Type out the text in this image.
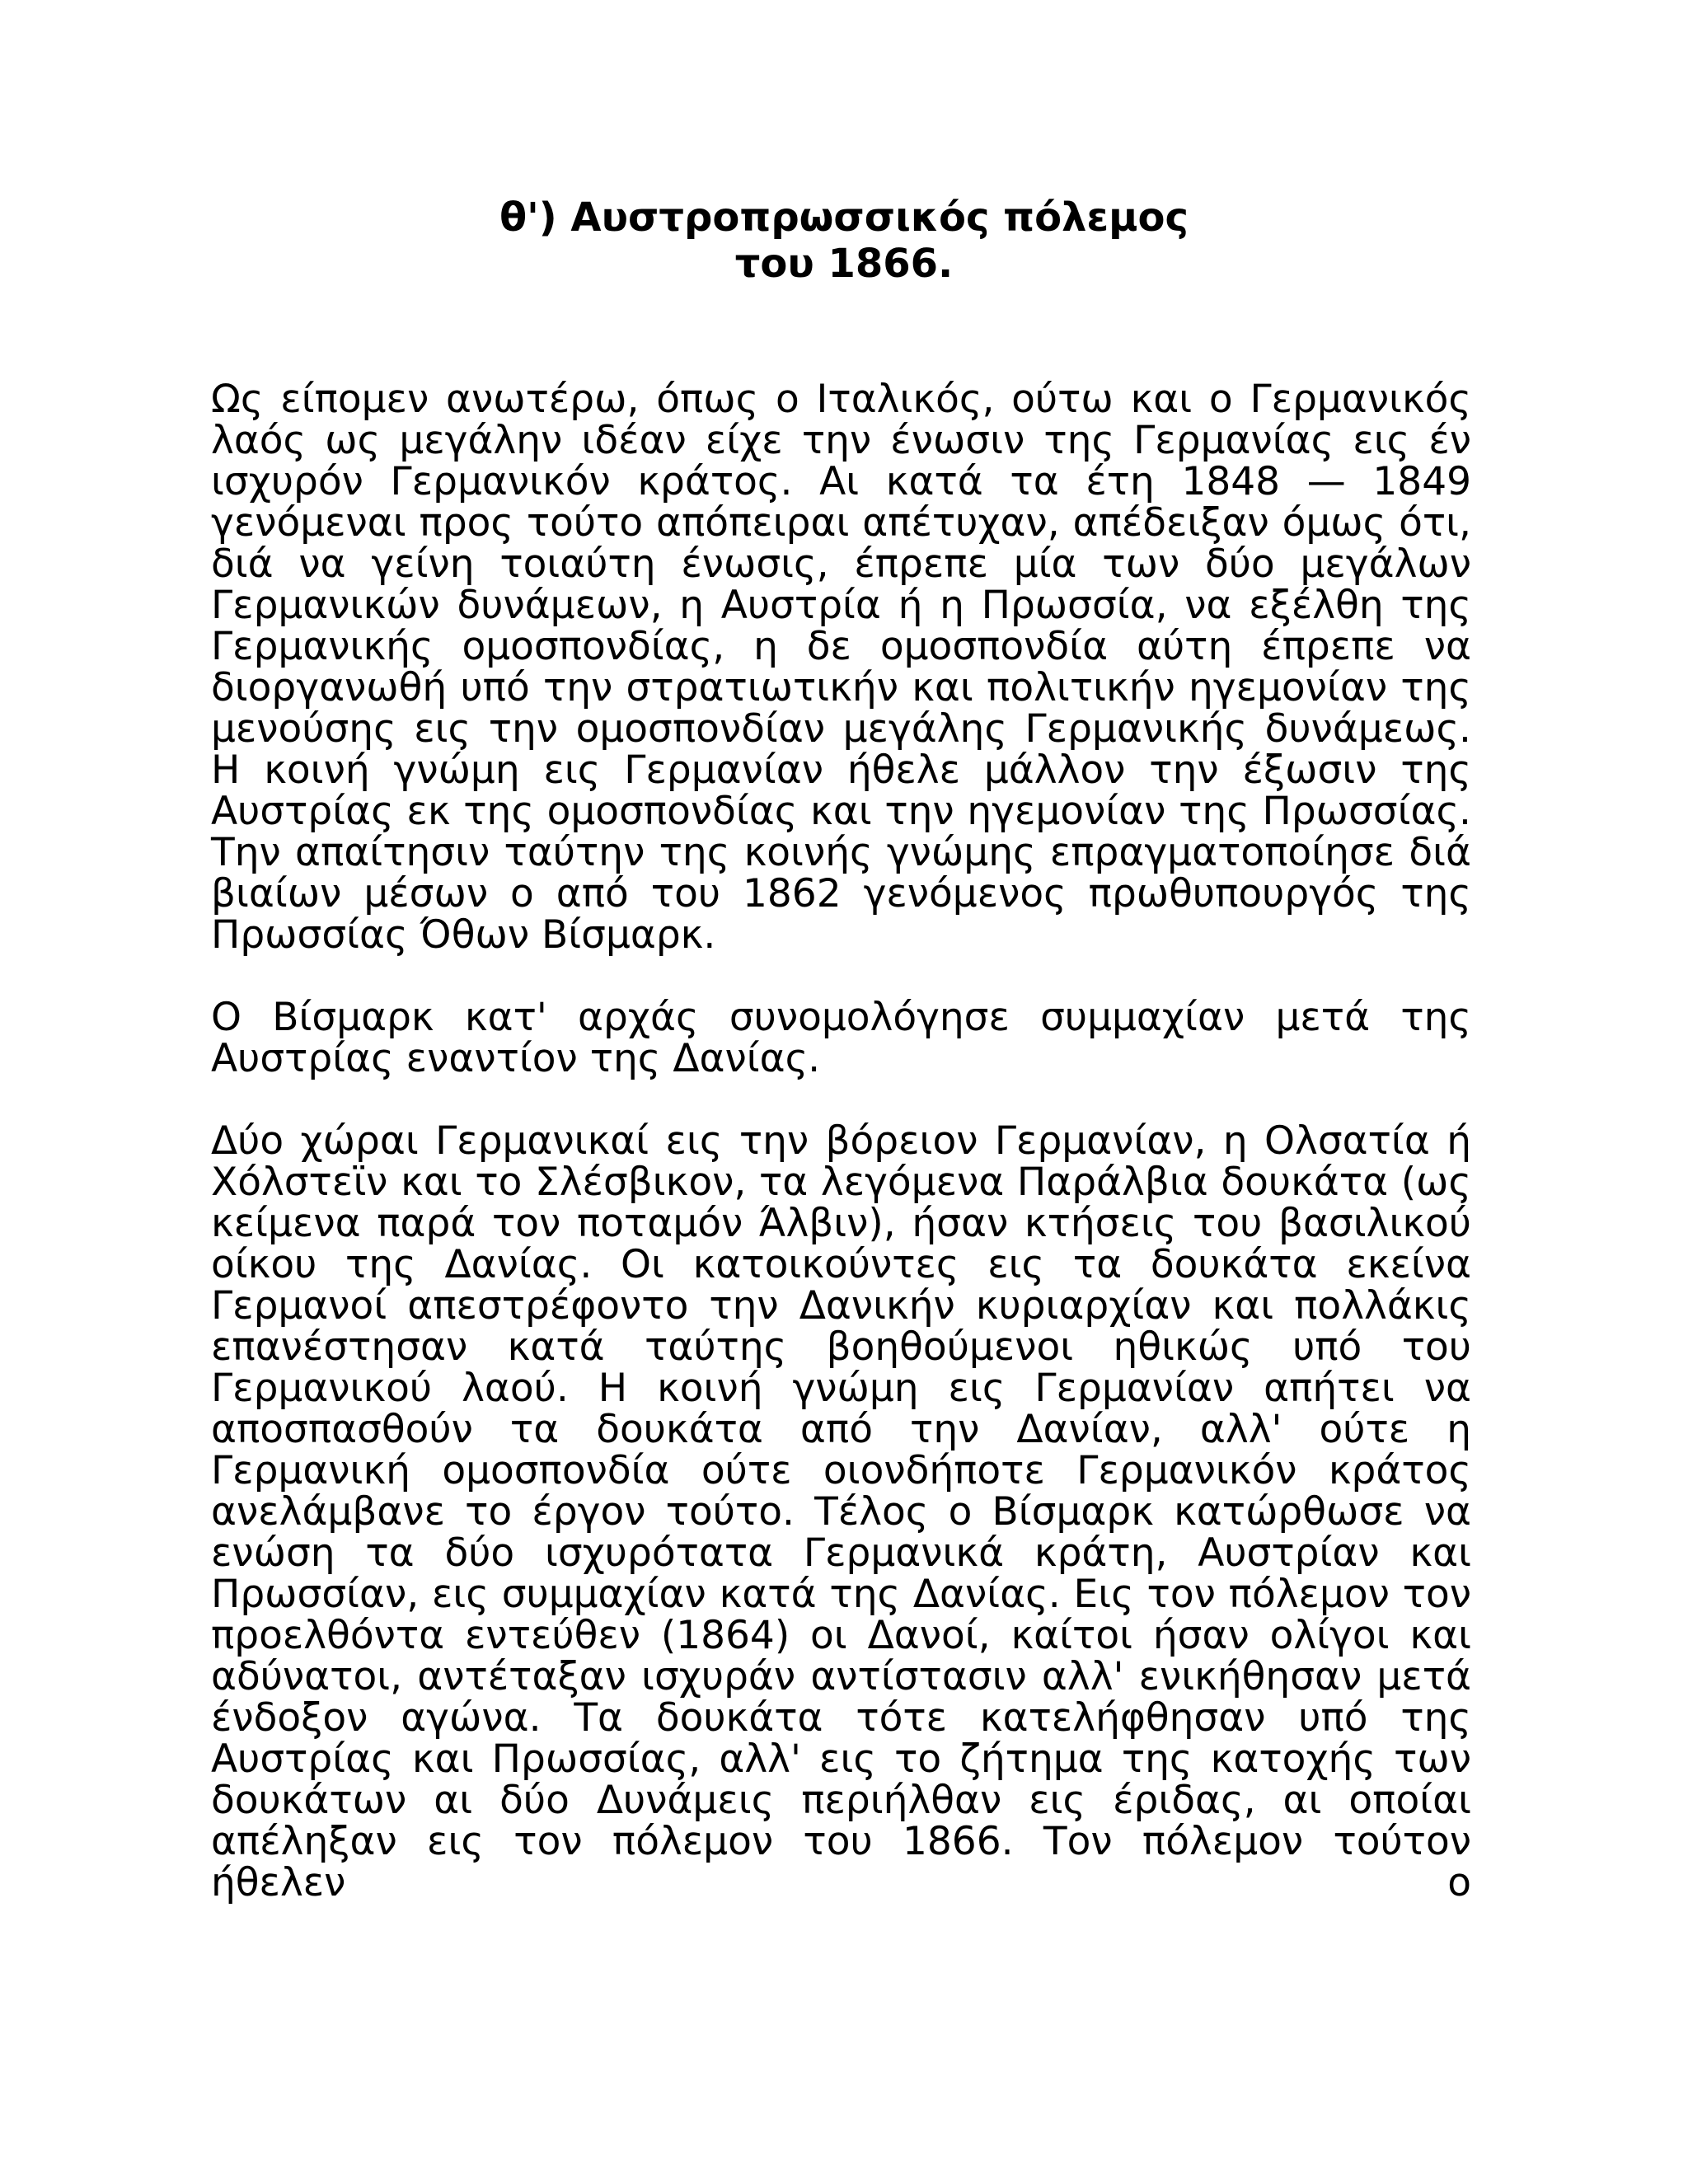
θ') Αυστροπρωσσικός πόλεμος
του 1866.

Ως είπομεν ανωτέρω, όπως ο Ιταλικός, ούτω και ο Γερμανικός λαός ως μεγάλην ιδέαν είχε την ένωσιν της Γερμανίας εις έν ισχυρόν Γερμανικόν κράτος. Αι κατά τα έτη 1848 — 1849 γενόμεναι προς τούτο απόπειραι απέτυχαν, απέδειξαν όμως ότι, διά να γείνη τοιαύτη ένωσις, έπρεπε μία των δύο μεγάλων Γερμανικών δυνάμεων, η Αυστρία ή η Πρωσσία, να εξέλθη της Γερμανικής ομοσπονδίας, η δε ομοσπονδία αύτη έπρεπε να διοργανωθή υπό την στρατιωτικήν και πολιτικήν ηγεμονίαν της μενούσης εις την ομοσπονδίαν μεγάλης Γερμανικής δυνάμεως. Η κοινή γνώμη εις Γερμανίαν ήθελε μάλλον την έξωσιν της Αυστρίας εκ της ομοσπονδίας και την ηγεμονίαν της Πρωσσίας. Την απαίτησιν ταύτην της κοινής γνώμης επραγματοποίησε διά βιαίων μέσων ο από του 1862 γενόμενος πρωθυπουργός της Πρωσσίας Όθων Βίσμαρκ.

Ο Βίσμαρκ κατ' αρχάς συνομολόγησε συμμαχίαν μετά της Αυστρίας εναντίον της Δανίας.

Δύο χώραι Γερμανικαί εις την βόρειον Γερμανίαν, η Ολσατία ή Χόλστεϊν και το Σλέσβικον, τα λεγόμενα Παράλβια δουκάτα (ως κείμενα παρά τον ποταμόν Άλβιν), ήσαν κτήσεις του βασιλικού οίκου της Δανίας. Οι κατοικούντες εις τα δουκάτα εκείνα Γερμανοί απεστρέφοντο την Δανικήν κυριαρχίαν και πολλάκις επανέστησαν κατά ταύτης βοηθούμενοι ηθικώς υπό του Γερμανικού λαού. Η κοινή γνώμη εις Γερμανίαν απήτει να αποσπασθούν τα δουκάτα από την Δανίαν, αλλ' ούτε η Γερμανική ομοσπονδία ούτε οιονδήποτε Γερμανικόν κράτος ανελάμβανε το έργον τούτο. Τέλος ο Βίσμαρκ κατώρθωσε να ενώση τα δύο ισχυρότατα Γερμανικά κράτη, Αυστρίαν και Πρωσσίαν, εις συμμαχίαν κατά της Δανίας. Εις τον πόλεμον τον προελθόντα εντεύθεν (1864) οι Δανοί, καίτοι ήσαν ολίγοι και αδύνατοι, αντέταξαν ισχυράν αντίστασιν αλλ' ενικήθησαν μετά ένδοξον αγώνα. Τα δουκάτα τότε κατελήφθησαν υπό της Αυστρίας και Πρωσσίας, αλλ' εις το ζήτημα της κατοχής των δουκάτων αι δύο Δυνάμεις περιήλθαν εις έριδας, αι οποίαι απέληξαν εις τον πόλεμον του 1866. Τον πόλεμον τούτον ήθελεν ο
